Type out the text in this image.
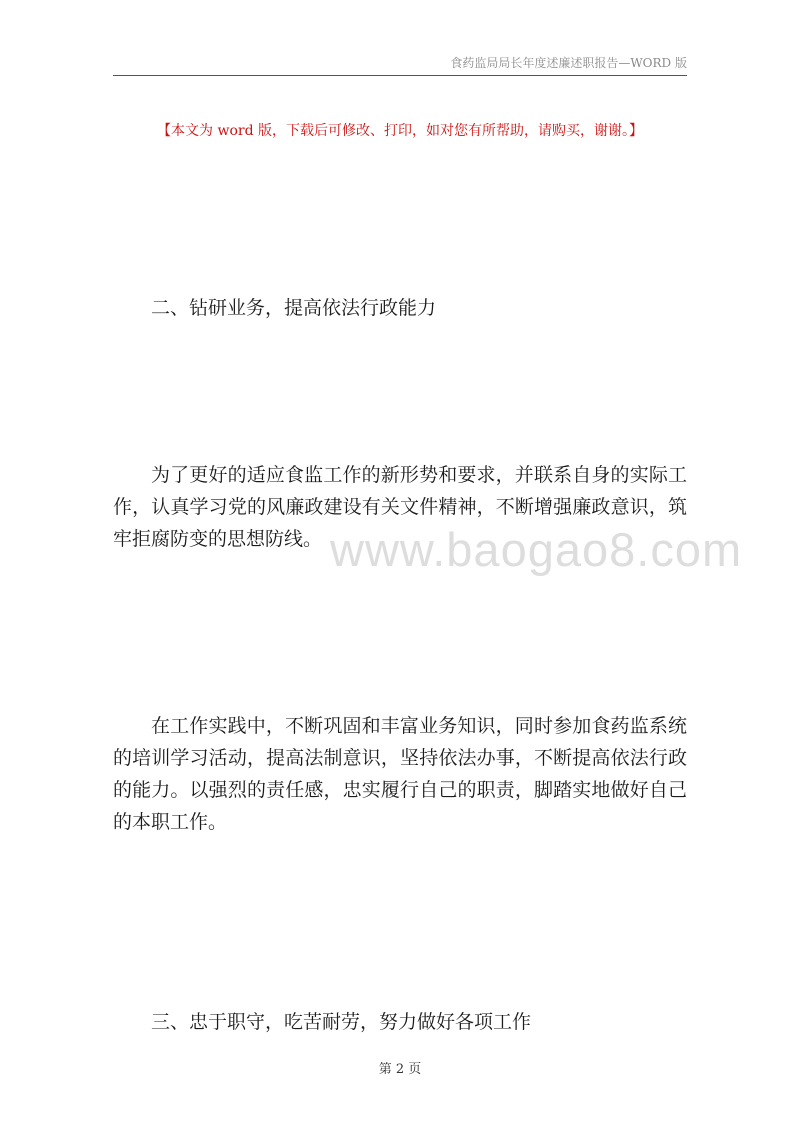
食药监局局长年度述廉述职报告—WORD 版
【本文为 word 版，下载后可修改、打印，如对您有所帮助，请购买，谢谢。】

二、钻研业务，提高依法行政能力

为了更好的适应食监工作的新形势和要求，并联系自身的实际工作，认真学习党的风廉政建设有关文件精神，不断增强廉政意识，筑牢拒腐防变的思想防线。

在工作实践中，不断巩固和丰富业务知识，同时参加食药监系统的培训学习活动，提高法制意识，坚持依法办事，不断提高依法行政的能力。以强烈的责任感，忠实履行自己的职责，脚踏实地做好自己的本职工作。

三、忠于职守，吃苦耐劳，努力做好各项工作

www.baogao8.com
第 2 页
